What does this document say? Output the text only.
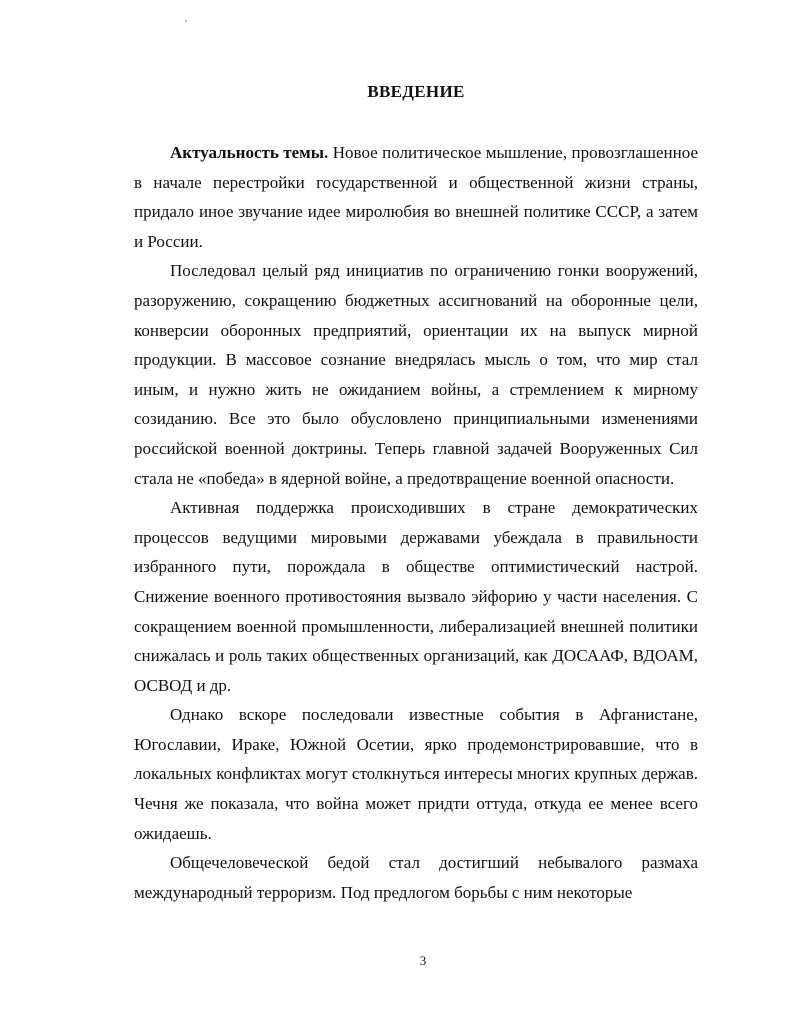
ВВЕДЕНИЕ

Актуальность темы. Новое политическое мышление, провозглашенное в начале перестройки государственной и общественной жизни страны, придало иное звучание идее миролюбия во внешней политике СССР, а затем и России.

Последовал целый ряд инициатив по ограничению гонки вооружений, разоружению, сокращению бюджетных ассигнований на оборонные цели, конверсии оборонных предприятий, ориентации их на выпуск мирной продукции. В массовое сознание внедрялась мысль о том, что мир стал иным, и нужно жить не ожиданием войны, а стремлением к мирному созиданию. Все это было обусловлено принципиальными изменениями российской военной доктрины. Теперь главной задачей Вооруженных Сил стала не «победа» в ядерной войне, а предотвращение военной опасности.

Активная поддержка происходивших в стране демократических процессов ведущими мировыми державами убеждала в правильности избранного пути, порождала в обществе оптимистический настрой. Снижение военного противостояния вызвало эйфорию у части населения. С сокращением военной промышленности, либерализацией внешней политики снижалась и роль таких общественных организаций, как ДОСААФ, ВДОАМ, ОСВОД и др.

Однако вскоре последовали известные события в Афганистане, Югославии, Ираке, Южной Осетии, ярко продемонстрировавшие, что в локальных конфликтах могут столкнуться интересы многих крупных держав. Чечня же показала, что война может придти оттуда, откуда ее менее всего ожидаешь.

Общечеловеческой бедой стал достигший небывалого размаха международный терроризм. Под предлогом борьбы с ним некоторые

3
